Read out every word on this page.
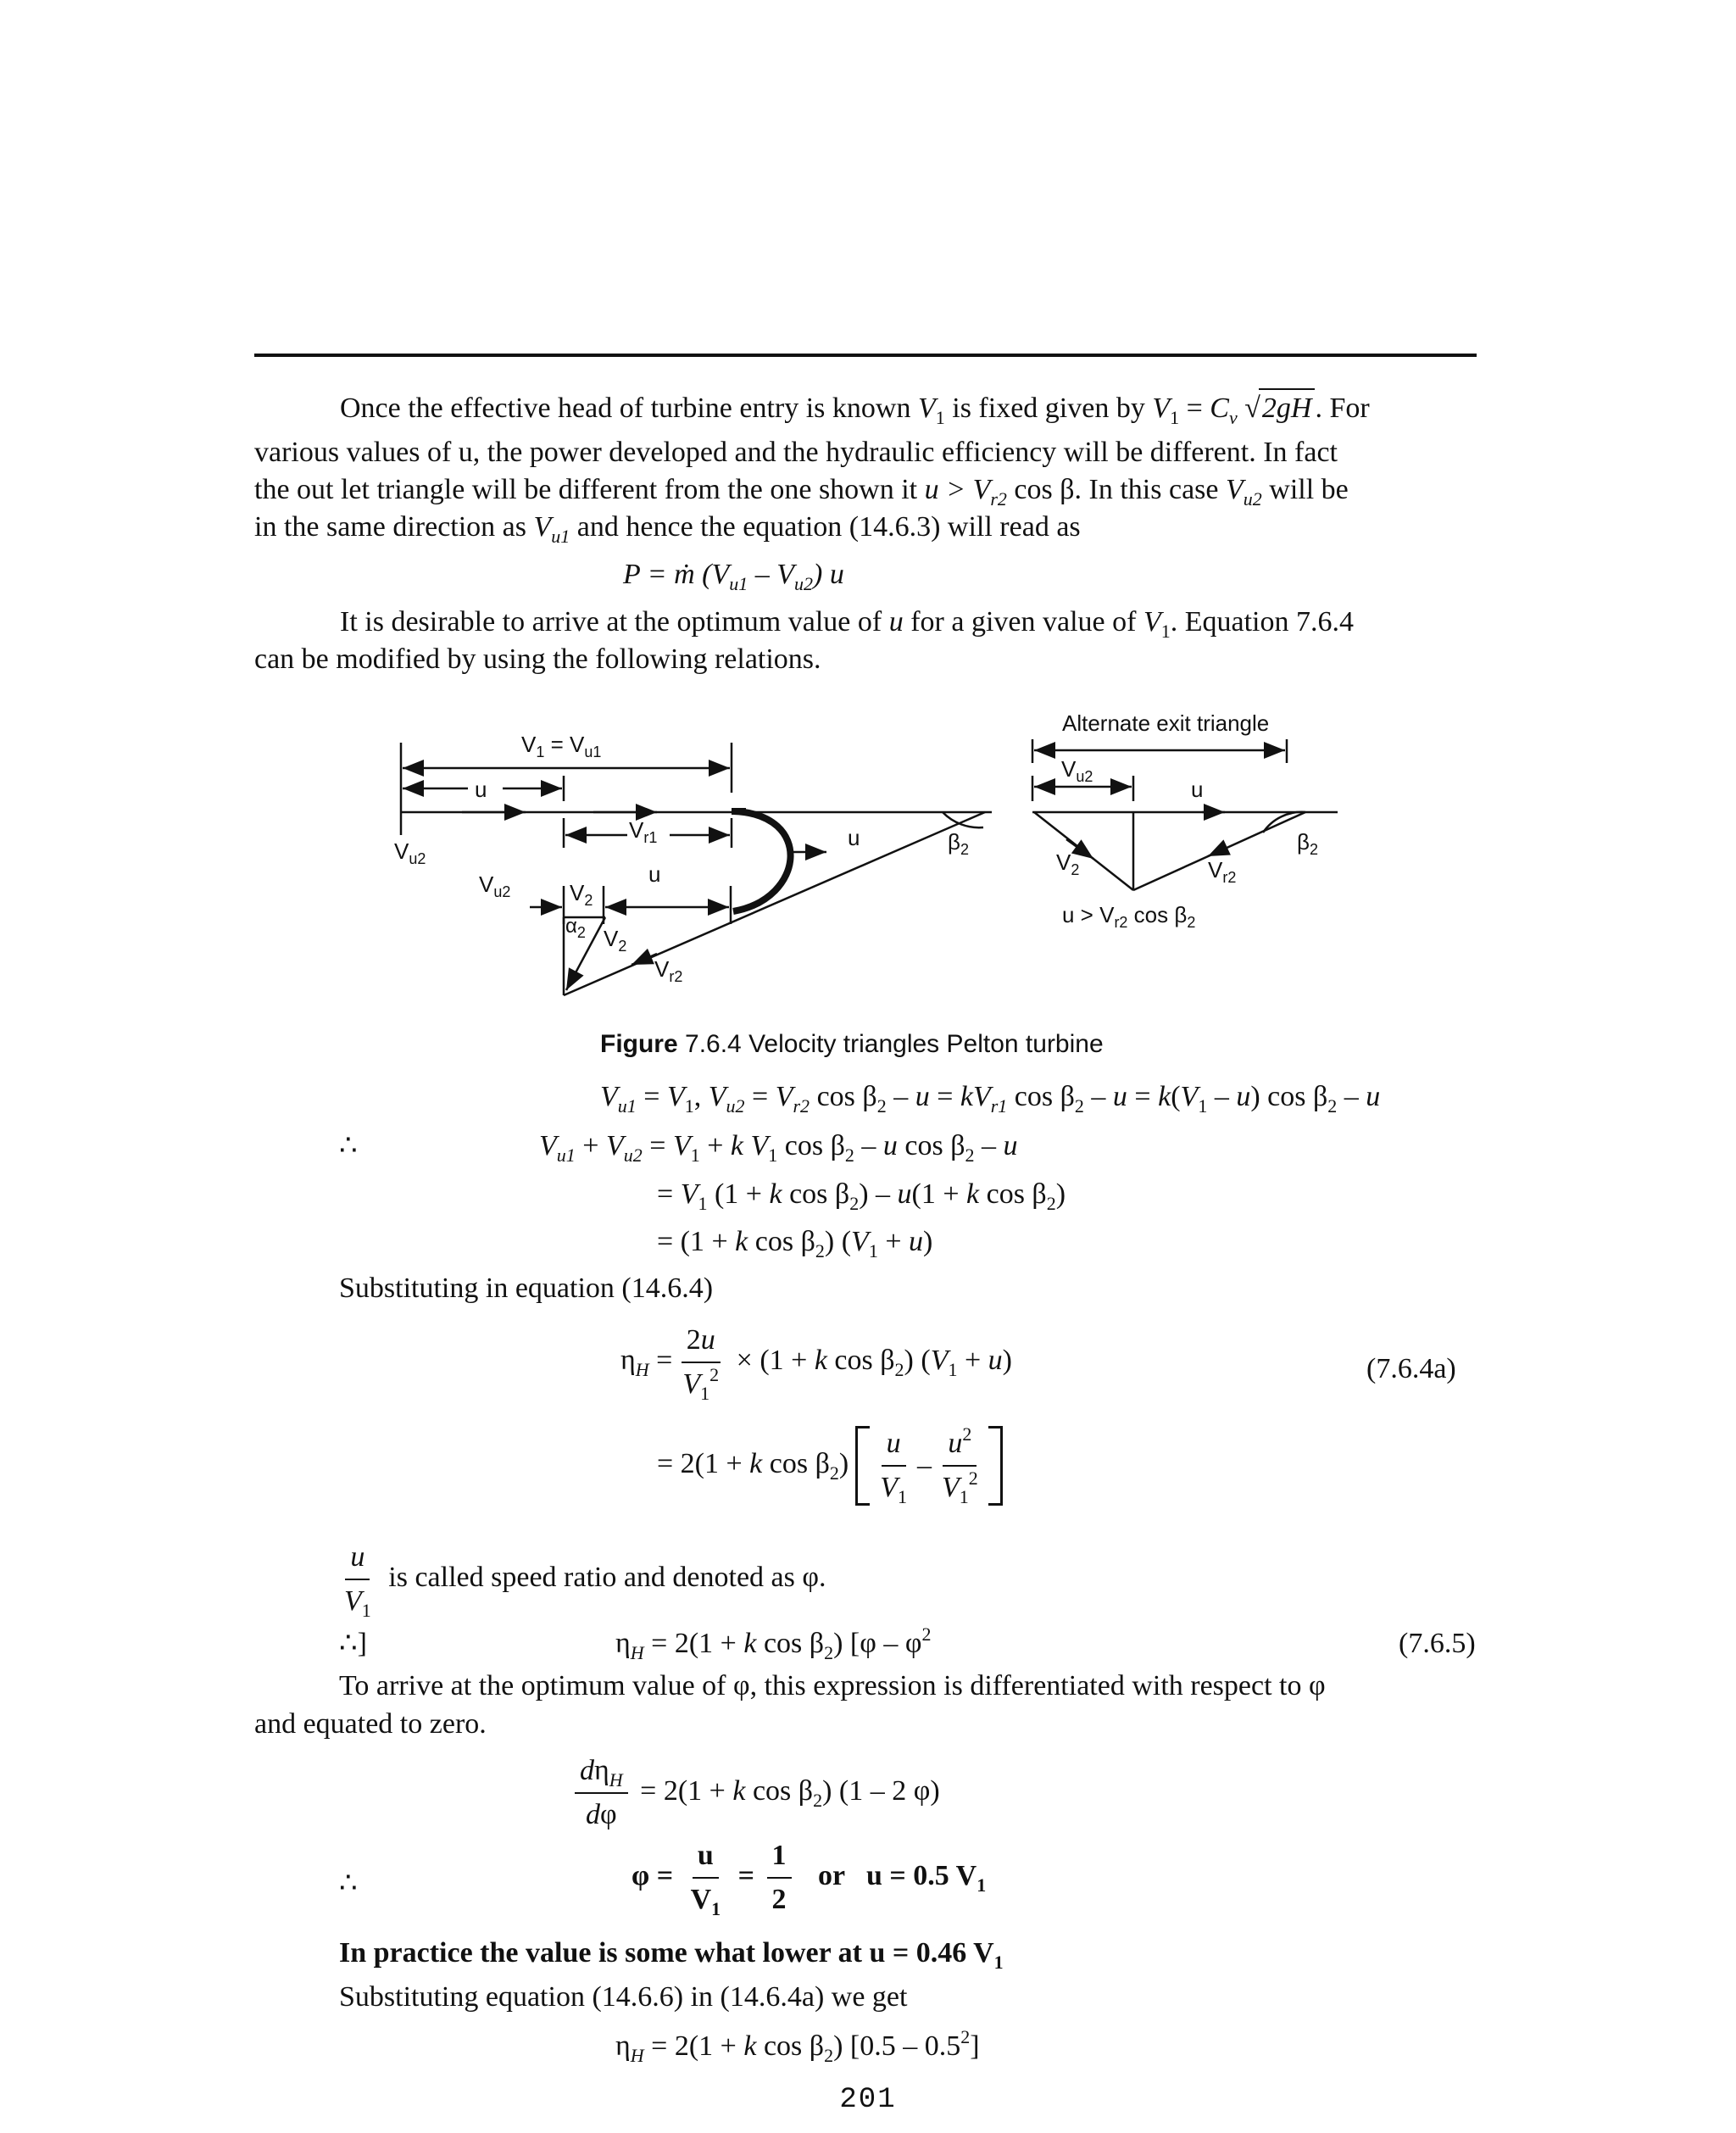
Once the effective head of turbine entry is known $V_1$ is fixed given by $V_1 = C_v$ √2gH . For
various values of u, the power developed and the hydraulic efficiency will be different. In fact
the out let triangle will be different from the one shown it $u > V_{r2}$ cos β. In this case $V_{u2}$ will be
in the same direction as $V_{u1}$ and hence the equation (14.6.3) will read as
P = ṁ $(V_{u1} - V_{u2})$ u
It is desirable to arrive at the optimum value of u for a given value of $V_1$. Equation 7.6.4
can be modified by using the following relations.
$V_1 = V_{u1}$
u
$V_{u2}$
$V_{r1}$
u
u	$\beta_2$
$V_{u2}$	$V_2$
$\alpha_2$ $V_2$
$V_{r2}$
Alternate exit triangle
$V_{u2}$	u
$V_2$	$V_{r2}$
$\beta_2$
$u > V_{r2}$ $\cos \beta_2$
Figure 7.6.4 Velocity triangles Pelton turbine
$V_{u1} = V_1$, $V_{u2} = V_{r2}$ $\cos \beta_2 - u = kV_{r1}$ $\cos \beta_2 - u = k(V_1 - u)$ $\cos \beta_2$ – u
∴	$V_{u1} + V_{u2} = V_1 + k$ $V_1$ $\cos \beta_2$ – u $\cos \beta_2$ – u
= $V_1$ (1 + k $\cos \beta_2) - u(1 + k$ $\cos \beta_2$)
= (1 + k $\cos \beta_2$) $(V_1 + u)$
Substituting in equation (14.6.4)
$\eta_H = \frac{2u}{V_1^2} \times (1 + k$ $\cos \beta_2$) $(V_1 + u)$	(7.6.4a)
= 2(1 + k $\cos \beta_2) \frac{u}{V_1} - \frac{u^2}{V_1^2}$
$\frac{u}{V_1}$ is called speed ratio and denoted as φ.
∴]	$\eta_H = 2(1 + k$ $\cos \beta_2$) [$\varphi - \varphi^2$	(7.6.5)
To arrive at the optimum value of φ, this expression is differentiated with respect to φ
and equated to zero.
$\frac{d\eta_H}{d\varphi} = 2(1 + k$ $\cos \beta_2$) (1 – 2 φ)
∴	$\varphi = \frac{u}{V_1} = \frac{1}{2}$ or   u = 0.5 $V_1$
In practice the value is some what lower at u = 0.46 $V_1$
Substituting equation (14.6.6) in (14.6.4a) we get
$\eta_H = 2(1 + k$ $\cos \beta_2$) $[0.5 - 0.5^2]$
201
